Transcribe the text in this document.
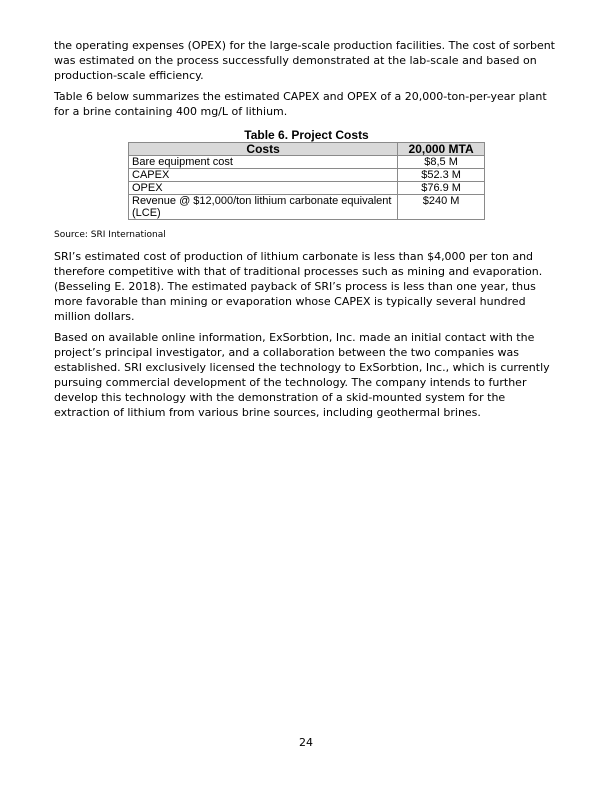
the operating expenses (OPEX) for the large-scale production facilities. The cost of sorbent was estimated on the process successfully demonstrated at the lab-scale and based on production-scale efficiency.

Table 6 below summarizes the estimated CAPEX and OPEX of a 20,000-ton-per-year plant for a brine containing 400 mg/L of lithium.

Table 6. Project Costs
Costs	20,000 MTA
Bare equipment cost	$8,5 M
CAPEX	$52.3 M
OPEX	$76.9 M
Revenue @ $12,000/ton lithium carbonate equivalent (LCE)	$240 M
Source: SRI International

SRI’s estimated cost of production of lithium carbonate is less than $4,000 per ton and therefore competitive with that of traditional processes such as mining and evaporation. (Besseling E. 2018). The estimated payback of SRI’s process is less than one year, thus more favorable than mining or evaporation whose CAPEX is typically several hundred million dollars.

Based on available online information, ExSorbtion, Inc. made an initial contact with the project’s principal investigator, and a collaboration between the two companies was established. SRI exclusively licensed the technology to ExSorbtion, Inc., which is currently pursuing commercial development of the technology. The company intends to further develop this technology with the demonstration of a skid-mounted system for the extraction of lithium from various brine sources, including geothermal brines.

24
